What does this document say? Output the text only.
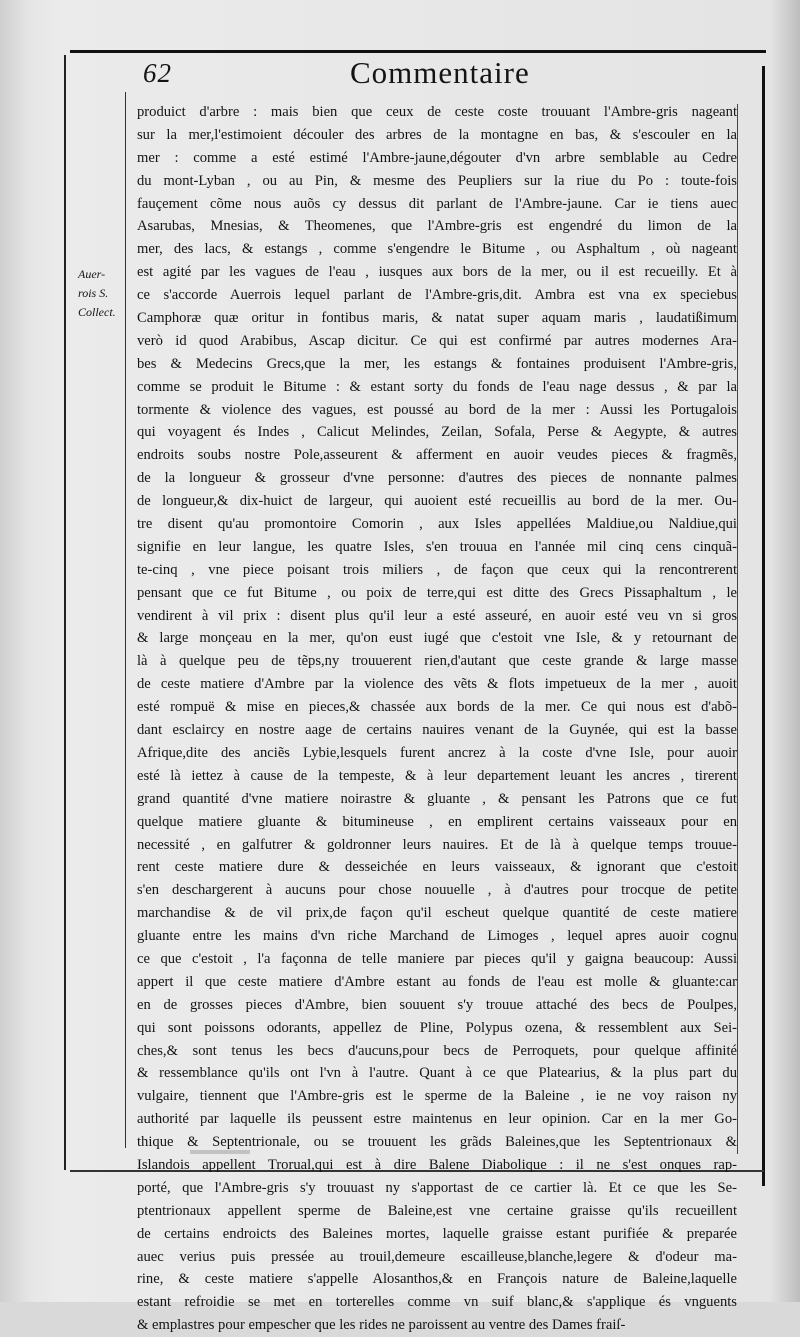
62	Commentaire
Auer-
rois S.
Collect.
produict d'arbre : mais bien que ceux de ceste coste trouuant l'Ambre-gris nageant
sur la mer,l'estimoient découler des arbres de la montagne en bas, & s'escouler en la
mer : comme a esté estimé l'Ambre-jaune,dégouter d'vn arbre semblable au Cedre
du mont-Lyban , ou au Pin, & mesme des Peupliers sur la riue du Po : toute-fois
fauçement cõme nous auõs cy dessus dit parlant de l'Ambre-jaune. Car ie tiens auec
Asarubas, Mnesias, & Theomenes, que l'Ambre-gris est engendré du limon de la
mer, des lacs, & estangs , comme s'engendre le Bitume , ou Asphaltum , où nageant
est agité par les vagues de l'eau , iusques aux bors de la mer, ou il est recueilly. Et à
ce s'accorde Auerrois lequel parlant de l'Ambre-gris,dit. Ambra est vna ex speciebus
Camphoræ quæ oritur in fontibus maris, & natat super aquam maris , laudatißimum
verò id quod Arabibus, Ascap dicitur. Ce qui est confirmé par autres modernes Ara-
bes & Medecins Grecs,que la mer, les estangs & fontaines produisent l'Ambre-gris,
comme se produit le Bitume : & estant sorty du fonds de l'eau nage dessus , & par la
tormente & violence des vagues, est poussé au bord de la mer : Aussi les Portugalois
qui voyagent és Indes , Calicut Melindes, Zeilan, Sofala, Perse & Aegypte, & autres
endroits soubs nostre Pole,asseurent & afferment en auoir veudes pieces & fragmẽs,
de la longueur & grosseur d'vne personne: d'autres des pieces de nonnante palmes
de longueur,& dix-huict de largeur, qui auoient esté recueillis au bord de la mer. Ou-
tre disent qu'au promontoire Comorin , aux Isles appellées Maldiue,ou Naldiue,qui
signifie en leur langue, les quatre Isles, s'en trouua en l'année mil cinq cens cinquã-
te-cinq , vne piece poisant trois miliers , de façon que ceux qui la rencontrerent
pensant que ce fut Bitume , ou poix de terre,qui est ditte des Grecs Pissaphaltum , le
vendirent à vil prix : disent plus qu'il leur a esté asseuré, en auoir esté veu vn si gros
& large monçeau en la mer, qu'on eust iugé que c'estoit vne Isle, & y retournant de
là à quelque peu de tẽps,ny trouuerent rien,d'autant que ceste grande & large masse
de ceste matiere d'Ambre par la violence des vẽts & flots impetueux de la mer , auoit
esté rompuë & mise en pieces,& chassée aux bords de la mer. Ce qui nous est d'abõ-
dant esclaircy en nostre aage de certains nauires venant de la Guynée, qui est la basse
Afrique,dite des anciẽs Lybie,lesquels furent ancrez à la coste d'vne Isle, pour auoir
esté là iettez à cause de la tempeste, & à leur departement leuant les ancres , tirerent
grand quantité d'vne matiere noirastre & gluante , & pensant les Patrons que ce fut
quelque matiere gluante & bitumineuse , en emplirent certains vaisseaux pour en
necessité , en galfutrer & goldronner leurs nauires. Et de là à quelque temps trouue-
rent ceste matiere dure & desseichée en leurs vaisseaux, & ignorant que c'estoit
s'en deschargerent à aucuns pour chose nouuelle , à d'autres pour trocque de petite
marchandise & de vil prix,de façon qu'il escheut quelque quantité de ceste matiere
gluante entre les mains d'vn riche Marchand de Limoges , lequel apres auoir cognu
ce que c'estoit , l'a façonna de telle maniere par pieces qu'il y gaigna beaucoup: Aussi
appert il que ceste matiere d'Ambre estant au fonds de l'eau est molle & gluante:car
en de grosses pieces d'Ambre, bien souuent s'y trouue attaché des becs de Poulpes,
qui sont poissons odorants, appellez de Pline, Polypus ozena, & ressemblent aux Sei-
ches,& sont tenus les becs d'aucuns,pour becs de Perroquets, pour quelque affinité
& ressemblance qu'ils ont l'vn à l'autre. Quant à ce que Platearius, & la plus part du
vulgaire, tiennent que l'Ambre-gris est le sperme de la Baleine , ie ne voy raison ny
authorité par laquelle ils peussent estre maintenus en leur opinion. Car en la mer Go-
thique & Septentrionale, ou se trouuent les grãds Baleines,que les Septentrionaux &
Islandois appellent Trorual,qui est à dire Balene Diabolique : il ne s'est onques rap-
porté, que l'Ambre-gris s'y trouuast ny s'apportast de ce cartier là. Et ce que les Se-
ptentrionaux appellent sperme de Baleine,est vne certaine graisse qu'ils recueillent
de certains endroicts des Baleines mortes, laquelle graisse estant purifiée & preparée
auec verius puis pressée au trouil,demeure escailleuse,blanche,legere & d'odeur ma-
rine, & ceste matiere s'appelle Alosanthos,& en François nature de Baleine,laquelle
estant refroidie se met en torterelles comme vn suif blanc,& s'applique és vnguents
& emplastres pour empescher que les rides ne paroissent au ventre des Dames fraiſ-
